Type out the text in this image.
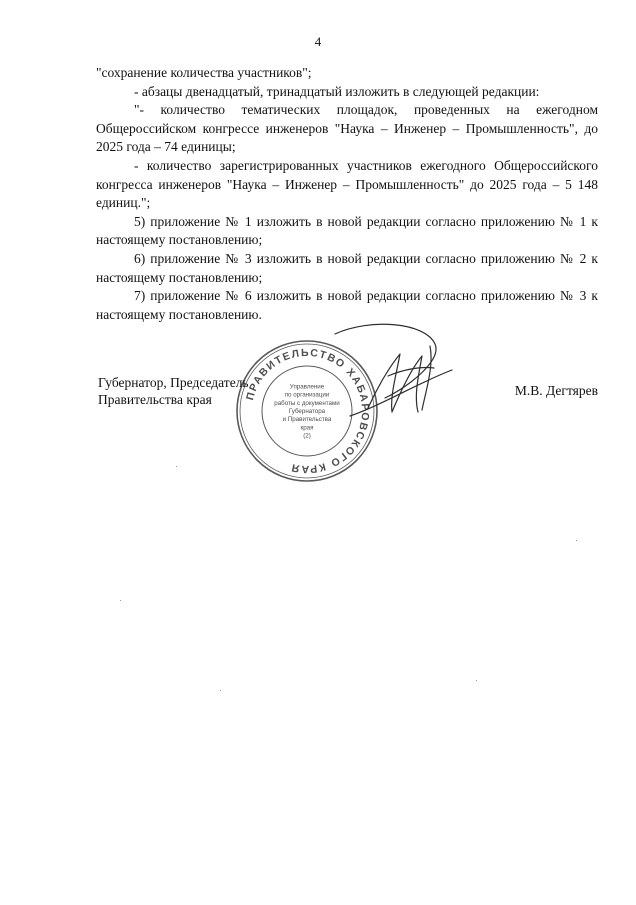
4

"сохранение количества участников";

- абзацы двенадцатый, тринадцатый изложить в следующей редакции:

"- количество тематических площадок, проведенных на ежегодном Общероссийском конгрессе инженеров "Наука – Инженер – Промышленность", до 2025 года – 74 единицы;

- количество зарегистрированных участников ежегодного Общероссийского конгресса инженеров "Наука – Инженер – Промышленность" до 2025 года – 5 148 единиц.";

5) приложение № 1 изложить в новой редакции согласно приложению № 1 к настоящему постановлению;

6) приложение № 3 изложить в новой редакции согласно приложению № 2 к настоящему постановлению;

7) приложение № 6 изложить в новой редакции согласно приложению № 3 к настоящему постановлению.

ПРАВИТЕЛЬСТВО ХАБАРОВСКОГО КРАЯ
Управление
по организации
работы с документами
Губернатора
и Правительства
края
(2)
Губернатор, Председатель
Правительства края
М.В. Дегтярев
